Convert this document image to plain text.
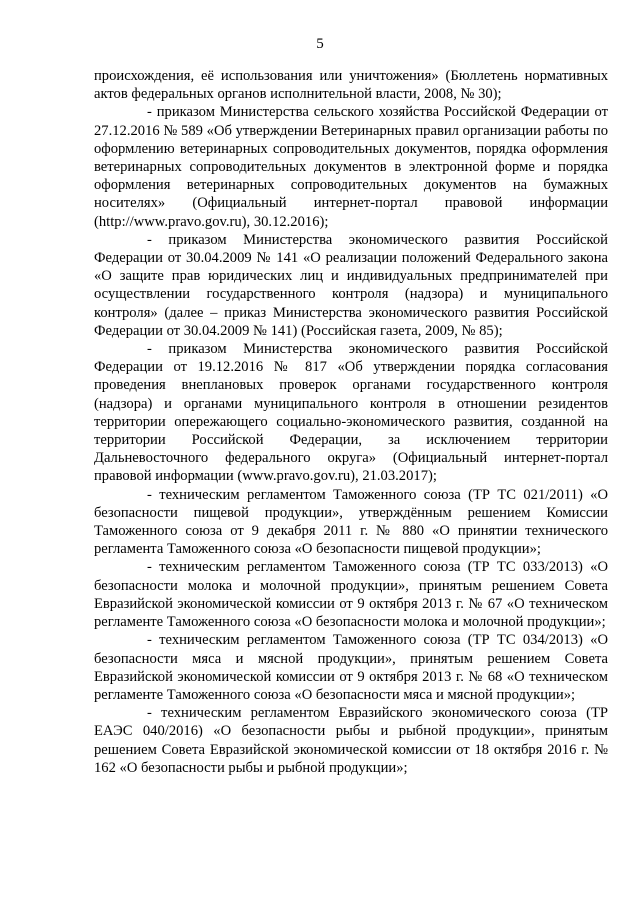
5

происхождения, её использования или уничтожения» (Бюллетень нормативных актов федеральных органов исполнительной власти, 2008, № 30);

- приказом Министерства сельского хозяйства Российской Федерации от 27.12.2016 № 589 «Об утверждении Ветеринарных правил организации работы по оформлению ветеринарных сопроводительных документов, порядка оформления ветеринарных сопроводительных документов в электронной форме и порядка оформления ветеринарных сопроводительных документов на бумажных носителях» (Официальный интернет-портал правовой информации (http://www.pravo.gov.ru), 30.12.2016);

- приказом Министерства экономического развития Российской Федерации от 30.04.2009 № 141 «О реализации положений Федерального закона «О защите прав юридических лиц и индивидуальных предпринимателей при осуществлении государственного контроля (надзора) и муниципального контроля» (далее – приказ Министерства экономического развития Российской Федерации от 30.04.2009 № 141) (Российская газета, 2009, № 85);

- приказом Министерства экономического развития Российской Федерации от 19.12.2016 № 817 «Об утверждении порядка согласования проведения внеплановых проверок органами государственного контроля (надзора) и органами муниципального контроля в отношении резидентов территории опережающего социально-экономического развития, созданной на территории Российской Федерации, за исключением территории Дальневосточного федерального округа» (Официальный интернет-портал правовой информации (www.pravo.gov.ru), 21.03.2017);

- техническим регламентом Таможенного союза (ТР ТС 021/2011) «О безопасности пищевой продукции», утверждённым решением Комиссии Таможенного союза от 9 декабря 2011 г. № 880 «О принятии технического регламента Таможенного союза «О безопасности пищевой продукции»;

- техническим регламентом Таможенного союза (ТР ТС 033/2013) «О безопасности молока и молочной продукции», принятым решением Совета Евразийской экономической комиссии от 9 октября 2013 г. № 67 «О техническом регламенте Таможенного союза «О безопасности молока и молочной продукции»;

- техническим регламентом Таможенного союза (ТР ТС 034/2013) «О безопасности мяса и мясной продукции», принятым решением Совета Евразийской экономической комиссии от 9 октября 2013 г. № 68 «О техническом регламенте Таможенного союза «О безопасности мяса и мясной продукции»;

- техническим регламентом Евразийского экономического союза (ТР ЕАЭС 040/2016) «О безопасности рыбы и рыбной продукции», принятым решением Совета Евразийской экономической комиссии от 18 октября 2016 г. № 162 «О безопасности рыбы и рыбной продукции»;
